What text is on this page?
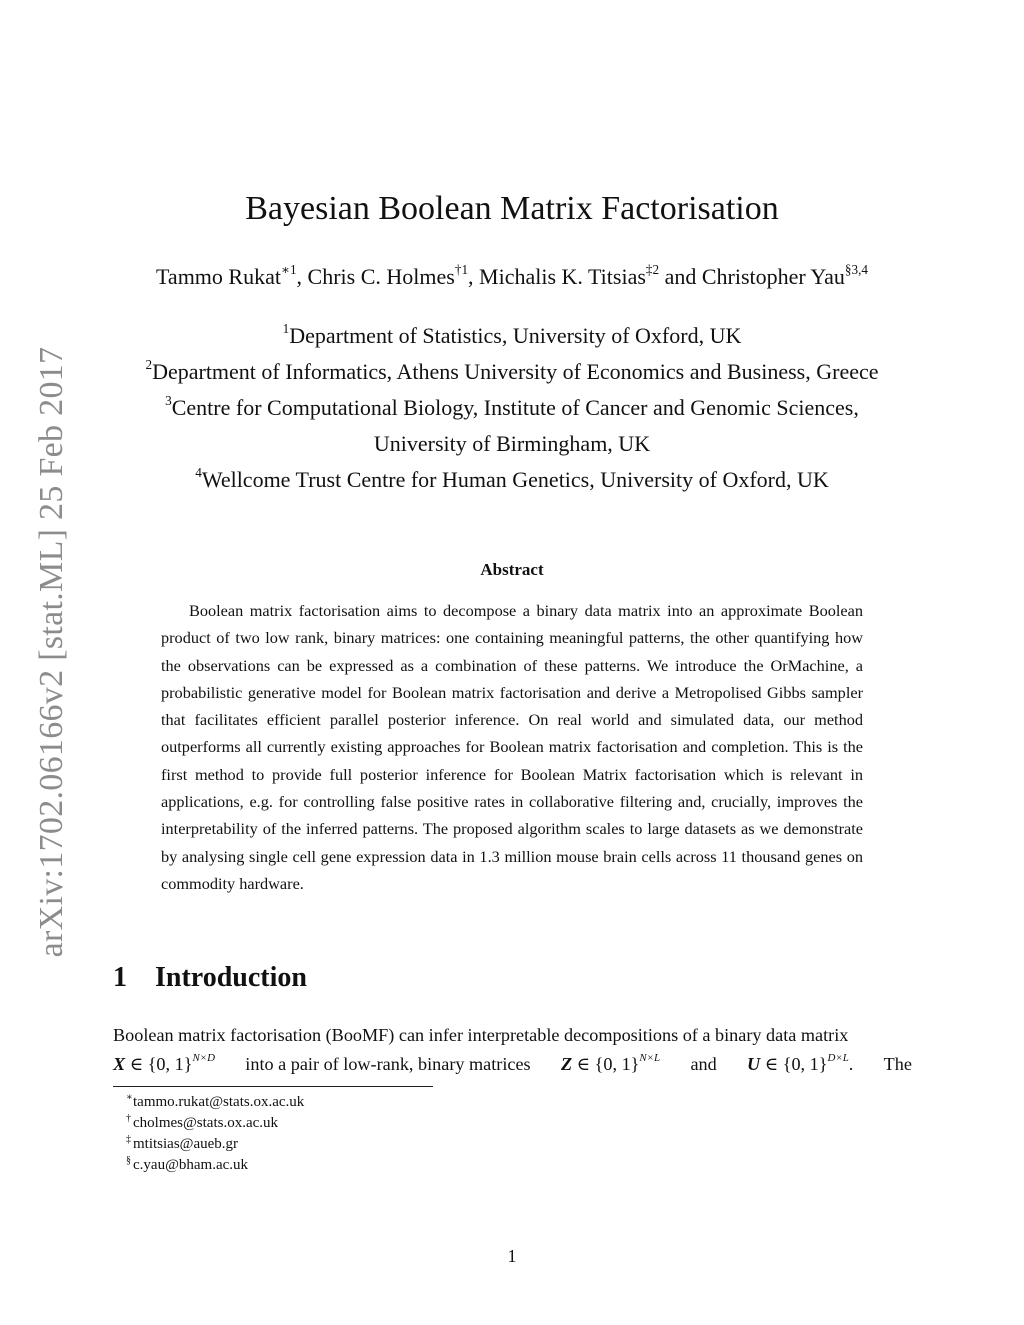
arXiv:1702.06166v2 [stat.ML] 25 Feb 2017
Bayesian Boolean Matrix Factorisation
Tammo Rukat$^{∗1}$, Chris C. Holmes$^{\dagger 1}$, Michalis K. Titsias$^{\ddagger 2}$ and Christopher Yau$^{\S 3,4}$
$^1$Department of Statistics, University of Oxford, UK
$^2$Department of Informatics, Athens University of Economics and Business, Greece
$^3$Centre for Computational Biology, Institute of Cancer and Genomic Sciences,
University of Birmingham, UK
$^4$Wellcome Trust Centre for Human Genetics, University of Oxford, UK
Abstract
Boolean matrix factorisation aims to decompose a binary data matrix into an approximate Boolean product of two low rank, binary matrices: one containing meaningful patterns, the other quantifying how the observations can be expressed as a combination of these patterns. We introduce the OrMachine, a probabilistic generative model for Boolean matrix factorisation and derive a Metropolised Gibbs sampler that facilitates efficient parallel posterior inference. On real world and simulated data, our method outperforms all currently existing approaches for Boolean matrix factorisation and completion. This is the first method to provide full posterior inference for Boolean Matrix factorisation which is relevant in applications, e.g. for controlling false positive rates in collaborative filtering and, crucially, improves the interpretability of the inferred patterns. The proposed algorithm scales to large datasets as we demonstrate by analysing single cell gene expression data in 1.3 million mouse brain cells across 11 thousand genes on commodity hardware.
1 Introduction
Boolean matrix factorisation (BooMF) can infer interpretable decompositions of a binary data matrix
X ∈ {0, 1}$^{N\times D}$ into a pair of low-rank, binary matrices Z ∈ {0, 1}$^{N\times L}$ and U ∈ {0, 1}$^{D\times L}$. The
∗ tammo.rukat@stats.ox.ac.uk
† cholmes@stats.ox.ac.uk
‡ mtitsias@aueb.gr
§ c.yau@bham.ac.uk
1
